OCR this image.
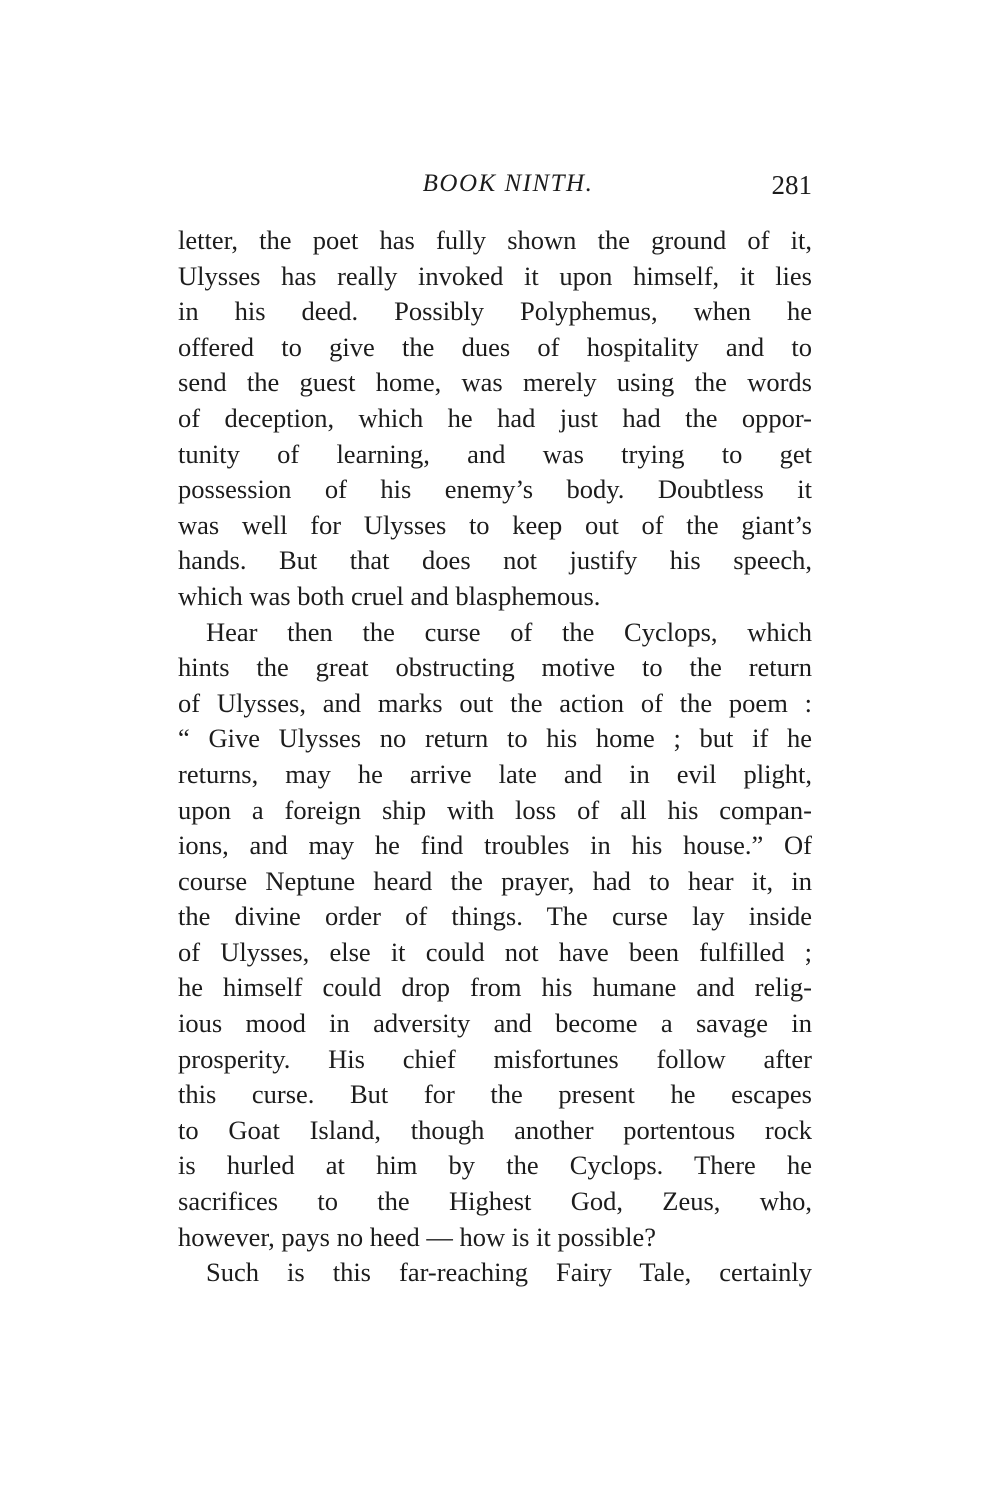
BOOK NINTH.	281
letter, the poet has fully shown the ground of it,
Ulysses has really invoked it upon himself, it lies
in his deed. Possibly Polyphemus, when he
offered to give the dues of hospitality and to
send the guest home, was merely using the words
of deception, which he had just had the oppor-
tunity of learning, and was trying to get
possession of his enemy’s body. Doubtless it
was well for Ulysses to keep out of the giant’s
hands. But that does not justify his speech,
which was both cruel and blasphemous.
Hear then the curse of the Cyclops, which
hints the great obstructing motive to the return
of Ulysses, and marks out the action of the poem :
“ Give Ulysses no return to his home ; but if he
returns, may he arrive late and in evil plight,
upon a foreign ship with loss of all his compan-
ions, and may he find troubles in his house.” Of
course Neptune heard the prayer, had to hear it, in
the divine order of things. The curse lay inside
of Ulysses, else it could not have been fulfilled ;
he himself could drop from his humane and relig-
ious mood in adversity and become a savage in
prosperity. His chief misfortunes follow after
this curse. But for the present he escapes
to Goat Island, though another portentous rock
is hurled at him by the Cyclops. There he
sacrifices to the Highest God, Zeus, who,
however, pays no heed — how is it possible?
Such is this far-reaching Fairy Tale, certainly
